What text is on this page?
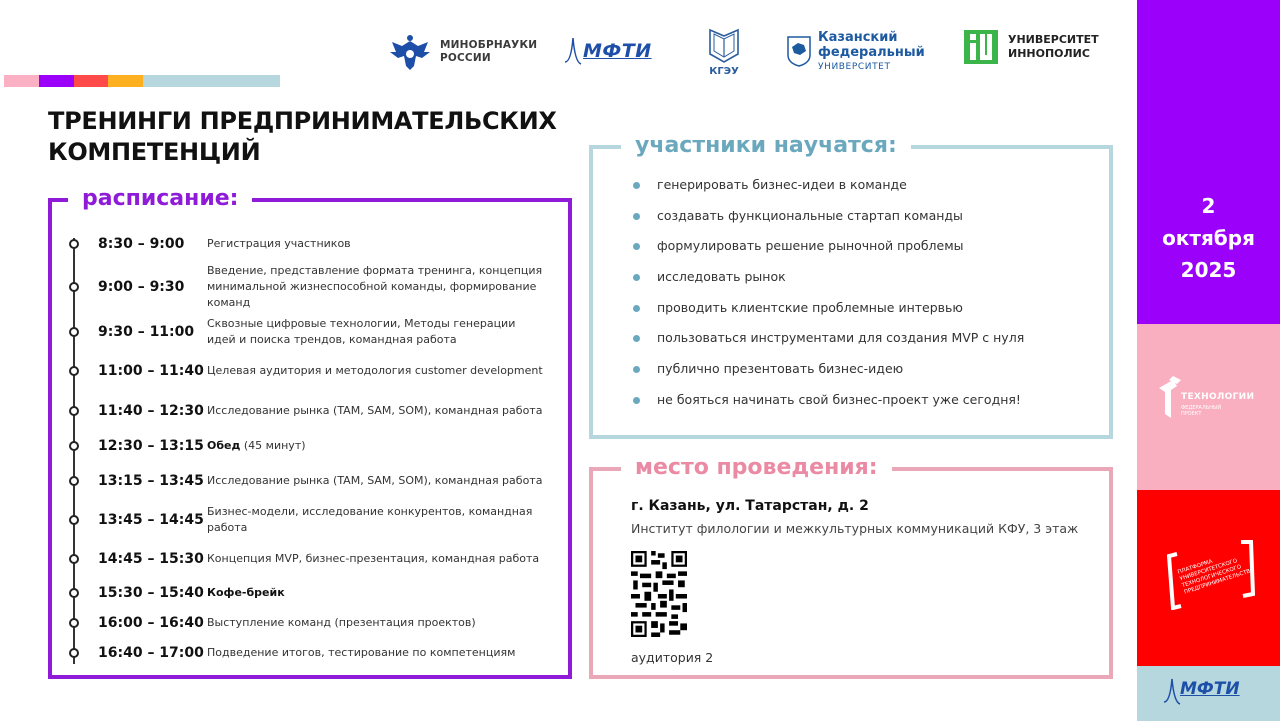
МИНОБРНАУКИ
РОССИИ	МФТИ
КГЭУ
Казанский
федеральный
УНИВЕРСИТЕТ
УНИВЕРСИТЕТ
ИННОПОЛИС
ТРЕНИНГИ ПРЕДПРИНИМАТЕЛЬСКИХ
КОМПЕТЕНЦИЙ
расписание:
8:30 – 9:00 Регистрация участников
9:00 – 9:30
Введение, представление формата тренинга, концепция минимальной жизнеспособной команды, формирование команд
9:30 – 11:00
Сквозные цифровые технологии, Методы генерации идей и поиска трендов, командная работа
11:00 – 11:40 Целевая аудитория и методология customer development
11:40 – 12:30 Исследование рынка (TAM, SAM, SOM), командная работа
12:30 – 13:15 Обед (45 минут)
13:15 – 13:45 Исследование рынка (TAM, SAM, SOM), командная работа
13:45 – 14:45
Бизнес-модели, исследование конкурентов, командная работа
14:45 – 15:30 Концепция MVP, бизнес-презентация, командная работа
15:30 – 15:40 Кофе-брейк
16:00 – 16:40 Выступление команд (презентация проектов)
16:40 – 17:00 Подведение итогов, тестирование по компетенциям
участники научатся:
генерировать бизнес-идеи в команде
создавать функциональные стартап команды
формулировать решение рыночной проблемы
исследовать рынок
проводить клиентские проблемные интервью
пользоваться инструментами для создания MVP с нуля
публично презентовать бизнес-идею
не бояться начинать свой бизнес-проект уже сегодня!
место проведения:
г. Казань, ул. Татарстан, д. 2
Институт филологии и межкультурных коммуникаций КФУ, 3 этаж
аудитория 2
2
октября
2025
ТЕХНОЛОГИИ
ФЕДЕРАЛЬНЫЙ
ПРОЕКТ
ПЛАТФОРМА УНИВЕРСИТЕТСКОГО ТЕХНОЛОГИЧЕСКОГО ПРЕДПРИНИМАТЕЛЬСТВА
МФТИ
